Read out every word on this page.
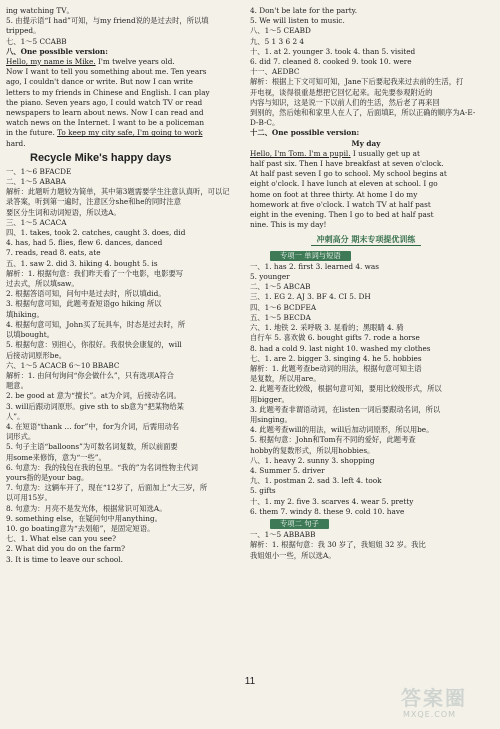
ing watching TV。
5. 由提示语“I had”可知，与my friend说的是过去时，所以填
tripped。
七、1～5 CCABB
八、One possible version:
Hello, my name is Mike. I'm twelve years old.
Now I want to tell you something about me. Ten years
ago, I couldn't dance or write. But now I can write
letters to my friends in Chinese and English. I can play
the piano. Seven years ago, I could watch TV or read
newspapers to learn about news. Now I can read and
watch news on the Internet. I want to be a policeman
in the future. To keep my city safe, I'm going to work
hard.
Recycle Mike's happy days
一、1～6 BFACDE
二、1～5 ABABA
解析：此题听力题较为简单，其中第3题需要学生注意认真听，可以记
录答案，听到第一遍时，注意区分she和he的同时注意
要区分生词和动词短语，所以选A。
三、1～5 ACACA
四、1. takes, took 2. catches, caught 3. does, did
4. has, had 5. flies, flew 6. dances, danced
7. reads, read 8. eats, ate
五、1. saw 2. did 3. hiking 4. bought 5. is
解析：1. 根据句意：我们昨天看了一个电影，电影要写
过去式，所以填saw。
2. 根据答语可知，问句中是过去时，所以填did。
3. 根据句意可知，此题考查短语go hiking 所以
填hiking。
4. 根据句意可知，John买了玩具车，时态是过去时，所
以填bought。
5. 根据句意：别担心，你很好。我很快会康复的，will
后接动词原形be。
六、1～5 ACACB 6～10 BBABC
解析：1. 由问句询问“你会做什么”，只有选项A符合
题意。
2. be good at 意为“擅长”。at为介词，后接动名词。
3. will后跟动词原形。give sth to sb意为“把某物给某
人”。
4. 在短语“thank … for”中，for为介词，后需用动名
词形式。
5. 句子主语“balloons”为可数名词复数，所以前面要
用some来修饰，意为“一些”。
6. 句意为：我的钱包在我的包里。“我的”为名词性物主代词
yours指的是your bag。
7. 句意为：这辆车开了，现在“12岁了，后面加上”大三岁，所
以可用15岁。
8. 句意为：月亮不是发光体，根据常识可知选A。
9. something else，在疑问句中用anything。
10. go boating意为“去划船”，是固定短语。
七、1. What else can you see?
2. What did you do on the farm?
3. It is time to leave our school.
4. Don't be late for the party.
5. We will listen to music.
八、1～5 CEABD
九、5 1 3 6 2 4
十、1. at 2. younger 3. took 4. than 5. visited
6. did 7. cleaned 8. cooked 9. took 10. were
十一、AEDBC
解析：根据上下文可知可知，Jane下后要起我来过去前的生活，打
开电视，谈得很重是想把它回忆起来。起先要参观附近的
内容与知识，这是说一下以前人们的生活，然后老了再来回
到别的，然后她和和家里人在人了，后面填E，所以正确的顺序为A-E-
D-B-C。
十二、One possible version:
My day
Hello, I'm Tom. I'm a pupil. I usually get up at
half past six. Then I have breakfast at seven o'clock.
At half past seven I go to school. My school begins at
eight o'clock. I have lunch at eleven at school. I go
home on foot at three thirty. At home I do my
homework at five o'clock. I watch TV at half past
eight in the evening. Then I go to bed at half past
nine. This is my day!
冲刺高分 期末专项提优训练
专项一 单词与短语
一、1. has 2. first 3. learned 4. was
5. younger
二、1～5 ABCAB
三、1. EG 2. AJ 3. BF 4. CI 5. DH
四、1～6 BCDFEA
五、1～5 BECDA
六、1. 地铁 2. 采呼吸 3. 晃看的；黑眼睛 4. 骑
自行车 5. 喜欢做 6. bought gifts 7. rode a horse
8. had a cold 9. last night 10. washed my clothes
七、1. are 2. bigger 3. singing 4. he 5. hobbies
解析：1. 此题考查be动词的用法，根据句意可知主语
是复数，所以用are。
2. 此题考查比较级，根据句意可知，要用比较级形式，所以
用bigger。
3. 此题考查非谓语动词，在listen一词后要跟动名词，所以
用singing。
4. 此题考查will的用法，will后加动词原形，所以用be。
5. 根据句意：John和Tom有不同的爱好，此题考查
hobby的复数形式，所以用hobbies。
八、1. heavy 2. sunny 3. shopping
4. Summer 5. driver
九、1. postman 2. sad 3. left 4. took
5. gifts
十、1. my 2. five 3. scarves 4. wear 5. pretty
6. them 7. windy 8. these 9. cold 10. have
专项二 句子
一、1～5 ABBABB
解析：1. 根据句意：我 30 岁了，我姐姐 32 岁。我比
我姐姐小一些，所以选A。
11
答案圈
MXQE.COM
